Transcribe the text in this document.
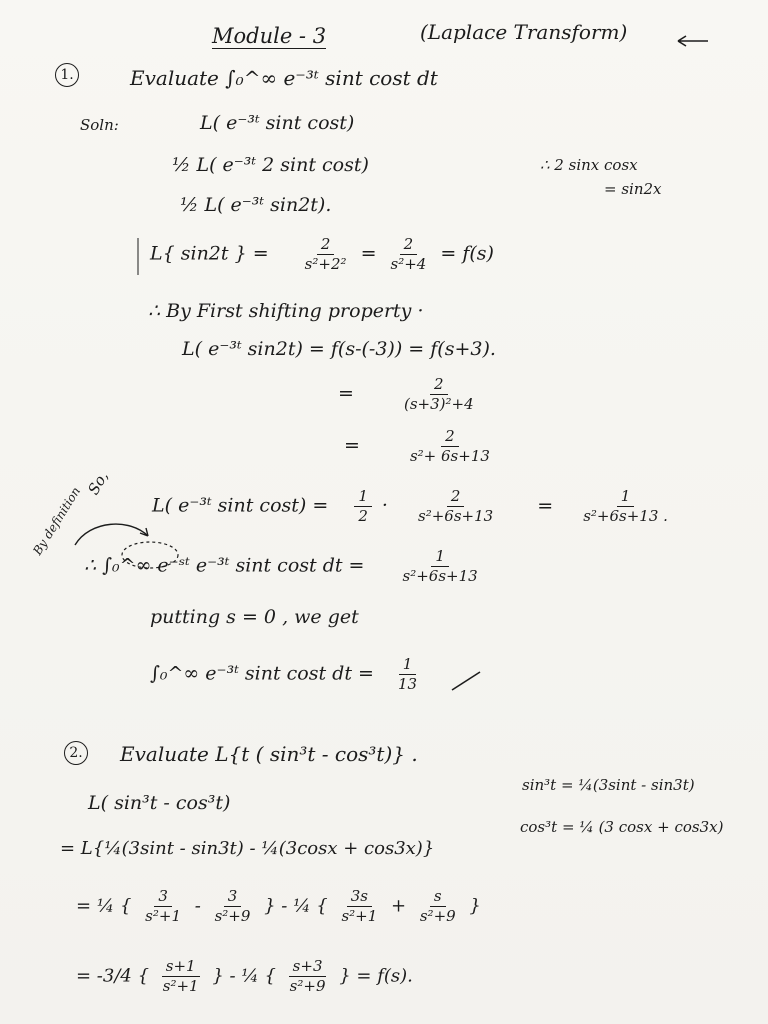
Module - 3	(Laplace Transform)
1.	Evaluate ∫₀^∞ e⁻³ᵗ sint cost dt
Soln:	L( e⁻³ᵗ sint cost)
½ L( e⁻³ᵗ 2 sint cost)	∴ 2 sinx cosx
= sin2x
½ L( e⁻³ᵗ sin2t).
L{ sin2t } = $\frac{2}{\text{s²+2²}} = \frac{2}{\text{s²+4}} = f(s)$
∴ By First shifting property ·
L( e⁻³ᵗ sin2t) = f(s-(-3)) = f(s+3).
=	$\frac{2}{\text{(s+3)²+4}}$
=	$\frac{2}{\text{s²+ 6s+13}}$
So,
By definition	L( e⁻³ᵗ sint $\cos t) = \frac{1}{2} \cdot \frac{2}{\text{s²+6s+13}} = \frac{1}{\text{s²+6s+13 .}}$
∴ ∫₀^∞ e⁻ˢᵗ e⁻³ᵗ sint cost dt = $\frac{1}{\text{s²+6s+13}}$
putting s = 0 , we get
∫₀^∞ e⁻³ᵗ sint cost dt = $\frac{1}{13}$
2. Evaluate L{t ( sin³t - cos³t)} .
L( sin³t - cos³t)
sin³t = ¼(3sint - sin3t)
cos³t = ¼ (3 cosx + cos3x)
= L{¼(3sint - sin3t) - ¼(3cosx + cos3x)}
= ¼ { $\frac{3}{\text{s²+1}} - \frac{3}{\text{s²+9}}$ } - ¼ { $\frac{3s}{\text{s²+1}} + \frac{s}{\text{s²+9}}$ }
= -3/4 { $\frac{s+1}{\text{s²+1}}$ } - ¼ { $\frac{s+3}{\text{s²+9}}$ } = f(s).
